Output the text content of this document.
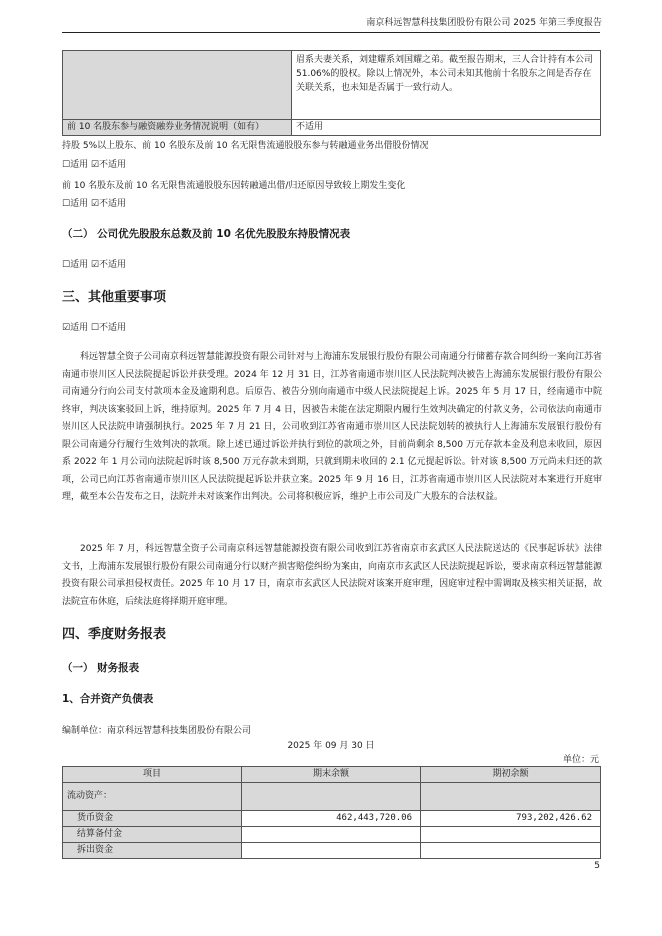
南京科远智慧科技集团股份有限公司 2025 年第三季度报告
	眉系夫妻关系，刘建耀系刘国耀之弟。截至报告期末，三人合计持有本公司 51.06%的股权。除以上情况外，本公司未知其他前十名股东之间是否存在关联关系，也未知是否属于一致行动人。
前 10 名股东参与融资融券业务情况说明（如有）	不适用
持股 5%以上股东、前 10 名股东及前 10 名无限售流通股股东参与转融通业务出借股份情况
☐适用 ☑不适用
前 10 名股东及前 10 名无限售流通股股东因转融通出借/归还原因导致较上期发生变化
☐适用 ☑不适用
（二） 公司优先股股东总数及前 10 名优先股股东持股情况表
☐适用 ☑不适用
三、其他重要事项
☑适用 ☐不适用

科远智慧全资子公司南京科远智慧能源投资有限公司针对与上海浦东发展银行股份有限公司南通分行储蓄存款合同纠纷一案向江苏省南通市崇川区人民法院提起诉讼并获受理。2024 年 12 月 31 日，江苏省南通市崇川区人民法院判决被告上海浦东发展银行股份有限公司南通分行向公司支付款项本金及逾期利息。后原告、被告分别向南通市中级人民法院提起上诉。2025 年 5 月 17 日，经南通市中院终审，判决该案驳回上诉，维持原判。2025 年 7 月 4 日，因被告未能在法定期限内履行生效判决确定的付款义务，公司依法向南通市崇川区人民法院申请强制执行。2025 年 7 月 21 日，公司收到江苏省南通市崇川区人民法院划转的被执行人上海浦东发展银行股份有限公司南通分行履行生效判决的款项。除上述已通过诉讼并执行到位的款项之外，目前尚剩余 8,500 万元存款本金及利息未收回，原因系 2022 年 1 月公司向法院起诉时该 8,500 万元存款未到期，只就到期未收回的 2.1 亿元提起诉讼。针对该 8,500 万元尚未归还的款项，公司已向江苏省南通市崇川区人民法院提起诉讼并获立案。2025 年 9 月 16 日，江苏省南通市崇川区人民法院对本案进行开庭审理，截至本公告发布之日，法院并未对该案作出判决。公司将积极应诉，维护上市公司及广大股东的合法权益。

2025 年 7 月，科远智慧全资子公司南京科远智慧能源投资有限公司收到江苏省南京市玄武区人民法院送达的《民事起诉状》法律文书，上海浦东发展银行股份有限公司南通分行以财产损害赔偿纠纷为案由，向南京市玄武区人民法院提起诉讼，要求南京科远智慧能源投资有限公司承担侵权责任。2025 年 10 月 17 日，南京市玄武区人民法院对该案开庭审理，因庭审过程中需调取及核实相关证据，故法院宣布休庭，后续法庭将择期开庭审理。

四、季度财务报表
（一） 财务报表
1、合并资产负债表
编制单位：南京科远智慧科技集团股份有限公司
2025 年 09 月 30 日
单位：元
项目	期末余额	期初余额
流动资产：		
货币资金	462,443,720.06	793,202,426.62
结算备付金		
拆出资金		
5
